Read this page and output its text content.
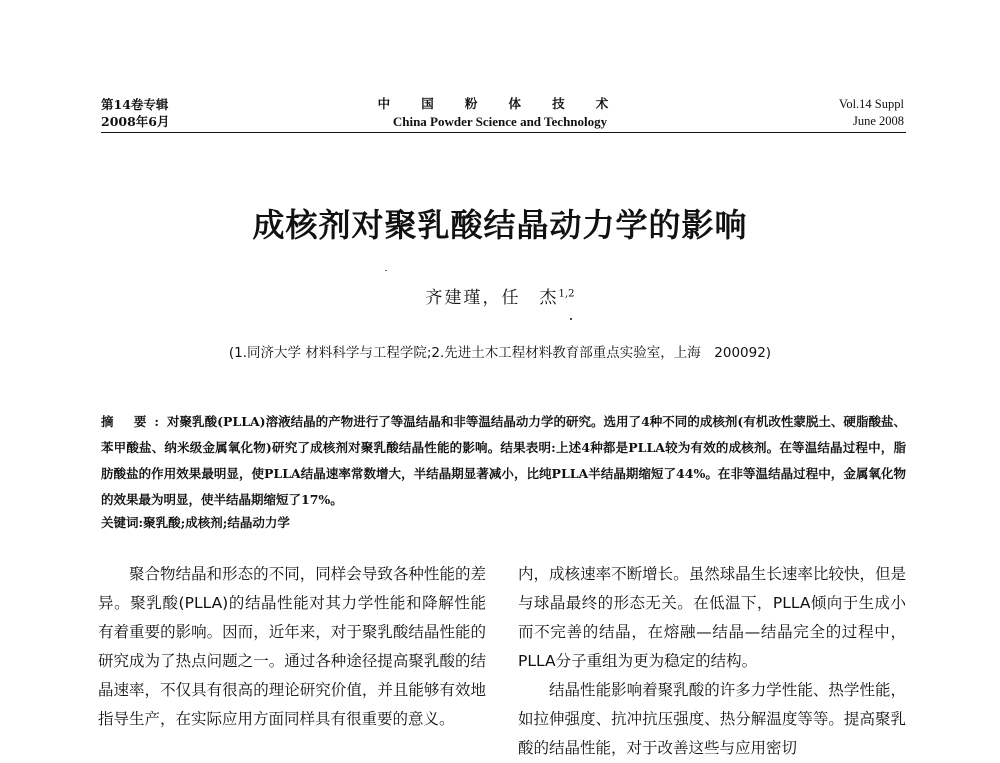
第14卷专辑
2008年6月
中 国 粉 体 技 术
China Powder Science and Technology
Vol.14 Suppl
June 2008
成核剂对聚乳酸结晶动力学的影响
齐建瑾，任　杰$^{1,2}$
(1.同济大学 材料科学与工程学院;2.先进土木工程材料教育部重点实验室，上海　200092)
摘 要:对聚乳酸(PLLA)溶液结晶的产物进行了等温结晶和非等温结晶动力学的研究。选用了4种不同的成核剂(有机改性蒙脱土、硬脂酸盐、苯甲酸盐、纳米级金属氧化物)研究了成核剂对聚乳酸结晶性能的影响。结果表明:上述4种都是PLLA较为有效的成核剂。在等温结晶过程中，脂肪酸盐的作用效果最明显，使PLLA结晶速率常数增大，半结晶期显著减小，比纯PLLA半结晶期缩短了44%。在非等温结晶过程中，金属氧化物的效果最为明显，使半结晶期缩短了17%。
关键词:聚乳酸;成核剂;结晶动力学

聚合物结晶和形态的不同，同样会导致各种性能的差异。聚乳酸(PLLA)的结晶性能对其力学性能和降解性能有着重要的影响。因而，近年来，对于聚乳酸结晶性能的研究成为了热点问题之一。通过各种途径提高聚乳酸的结晶速率，不仅具有很高的理论研究价值，并且能够有效地指导生产，在实际应用方面同样具有很重要的意义。

内，成核速率不断增长。虽然球晶生长速率比较快，但是与球晶最终的形态无关。在低温下，PLLA倾向于生成小而不完善的结晶，在熔融—结晶—结晶完全的过程中，PLLA分子重组为更为稳定的结构。

结晶性能影响着聚乳酸的许多力学性能、热学性能，如拉伸强度、抗冲抗压强度、热分解温度等等。提高聚乳酸的结晶性能，对于改善这些与应用密切
